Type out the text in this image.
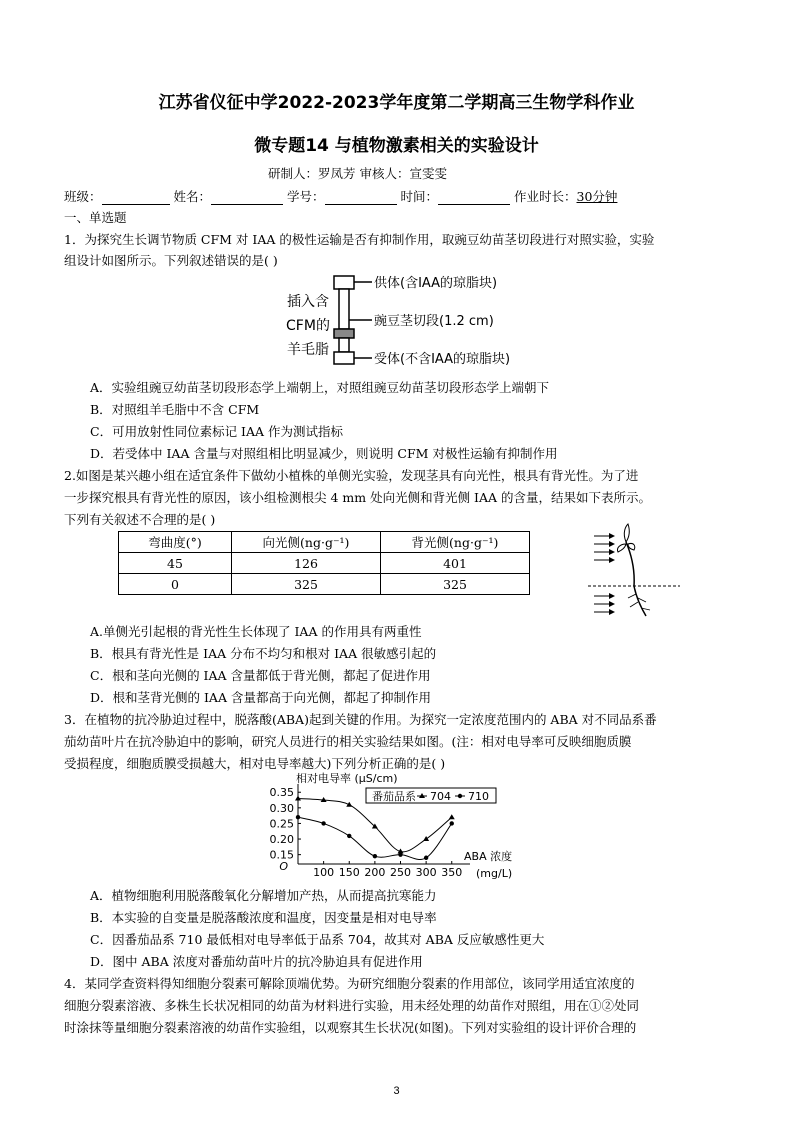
江苏省仪征中学2022-2023学年度第二学期高三生物学科作业
微专题14 与植物激素相关的实验设计
研制人：罗凤芳 审核人：宣雯雯
班级：	姓名：	学号：	时间：	作业时长：30分钟
一、单选题
1．为探究生长调节物质 CFM 对 IAA 的极性运输是否有抑制作用，取豌豆幼苗茎切段进行对照实验，实验
组设计如图所示。下列叙述错误的是( )
插入含
CFM的
羊毛脂
供体(含IAA的琼脂块)
豌豆茎切段(1.2 cm)
受体(不含IAA的琼脂块)
A．实验组豌豆幼苗茎切段形态学上端朝上，对照组豌豆幼苗茎切段形态学上端朝下
B．对照组羊毛脂中不含 CFM
C．可用放射性同位素标记 IAA 作为测试指标
D．若受体中 IAA 含量与对照组相比明显减少，则说明 CFM 对极性运输有抑制作用
2.如图是某兴趣小组在适宜条件下做幼小植株的单侧光实验，发现茎具有向光性，根具有背光性。为了进
一步探究根具有背光性的原因，该小组检测根尖 4 mm 处向光侧和背光侧 IAA 的含量，结果如下表所示。
下列有关叙述不合理的是( )
弯曲度(°)	向光侧(ng·g⁻¹)	背光侧(ng·g⁻¹)
45	126	401
0	325	325
A.单侧光引起根的背光性生长体现了 IAA 的作用具有两重性
B．根具有背光性是 IAA 分布不均匀和根对 IAA 很敏感引起的
C．根和茎向光侧的 IAA 含量都低于背光侧，都起了促进作用
D．根和茎背光侧的 IAA 含量都高于向光侧，都起了抑制作用
3．在植物的抗冷胁迫过程中，脱落酸(ABA)起到关键的作用。为探究一定浓度范围内的 ABA 对不同品系番
茄幼苗叶片在抗冷胁迫中的影响，研究人员进行的相关实验结果如图。(注：相对电导率可反映细胞质膜
受损程度，细胞质膜受损越大，相对电导率越大)下列分析正确的是( )
相对电导率 (μS/cm)
O
ABA 浓度
(mg/L)
番茄品系 704 710
100 150 200 250 300 350
0.15
0.20
0.25
0.30
0.35
A．植物细胞利用脱落酸氧化分解增加产热，从而提高抗寒能力
B．本实验的自变量是脱落酸浓度和温度，因变量是相对电导率
C．因番茄品系 710 最低相对电导率低于品系 704，故其对 ABA 反应敏感性更大
D．图中 ABA 浓度对番茄幼苗叶片的抗冷胁迫具有促进作用
4．某同学查资料得知细胞分裂素可解除顶端优势。为研究细胞分裂素的作用部位，该同学用适宜浓度的
细胞分裂素溶液、多株生长状况相同的幼苗为材料进行实验，用未经处理的幼苗作对照组，用在①②处同
时涂抹等量细胞分裂素溶液的幼苗作实验组，以观察其生长状况(如图)。下列对实验组的设计评价合理的
3
